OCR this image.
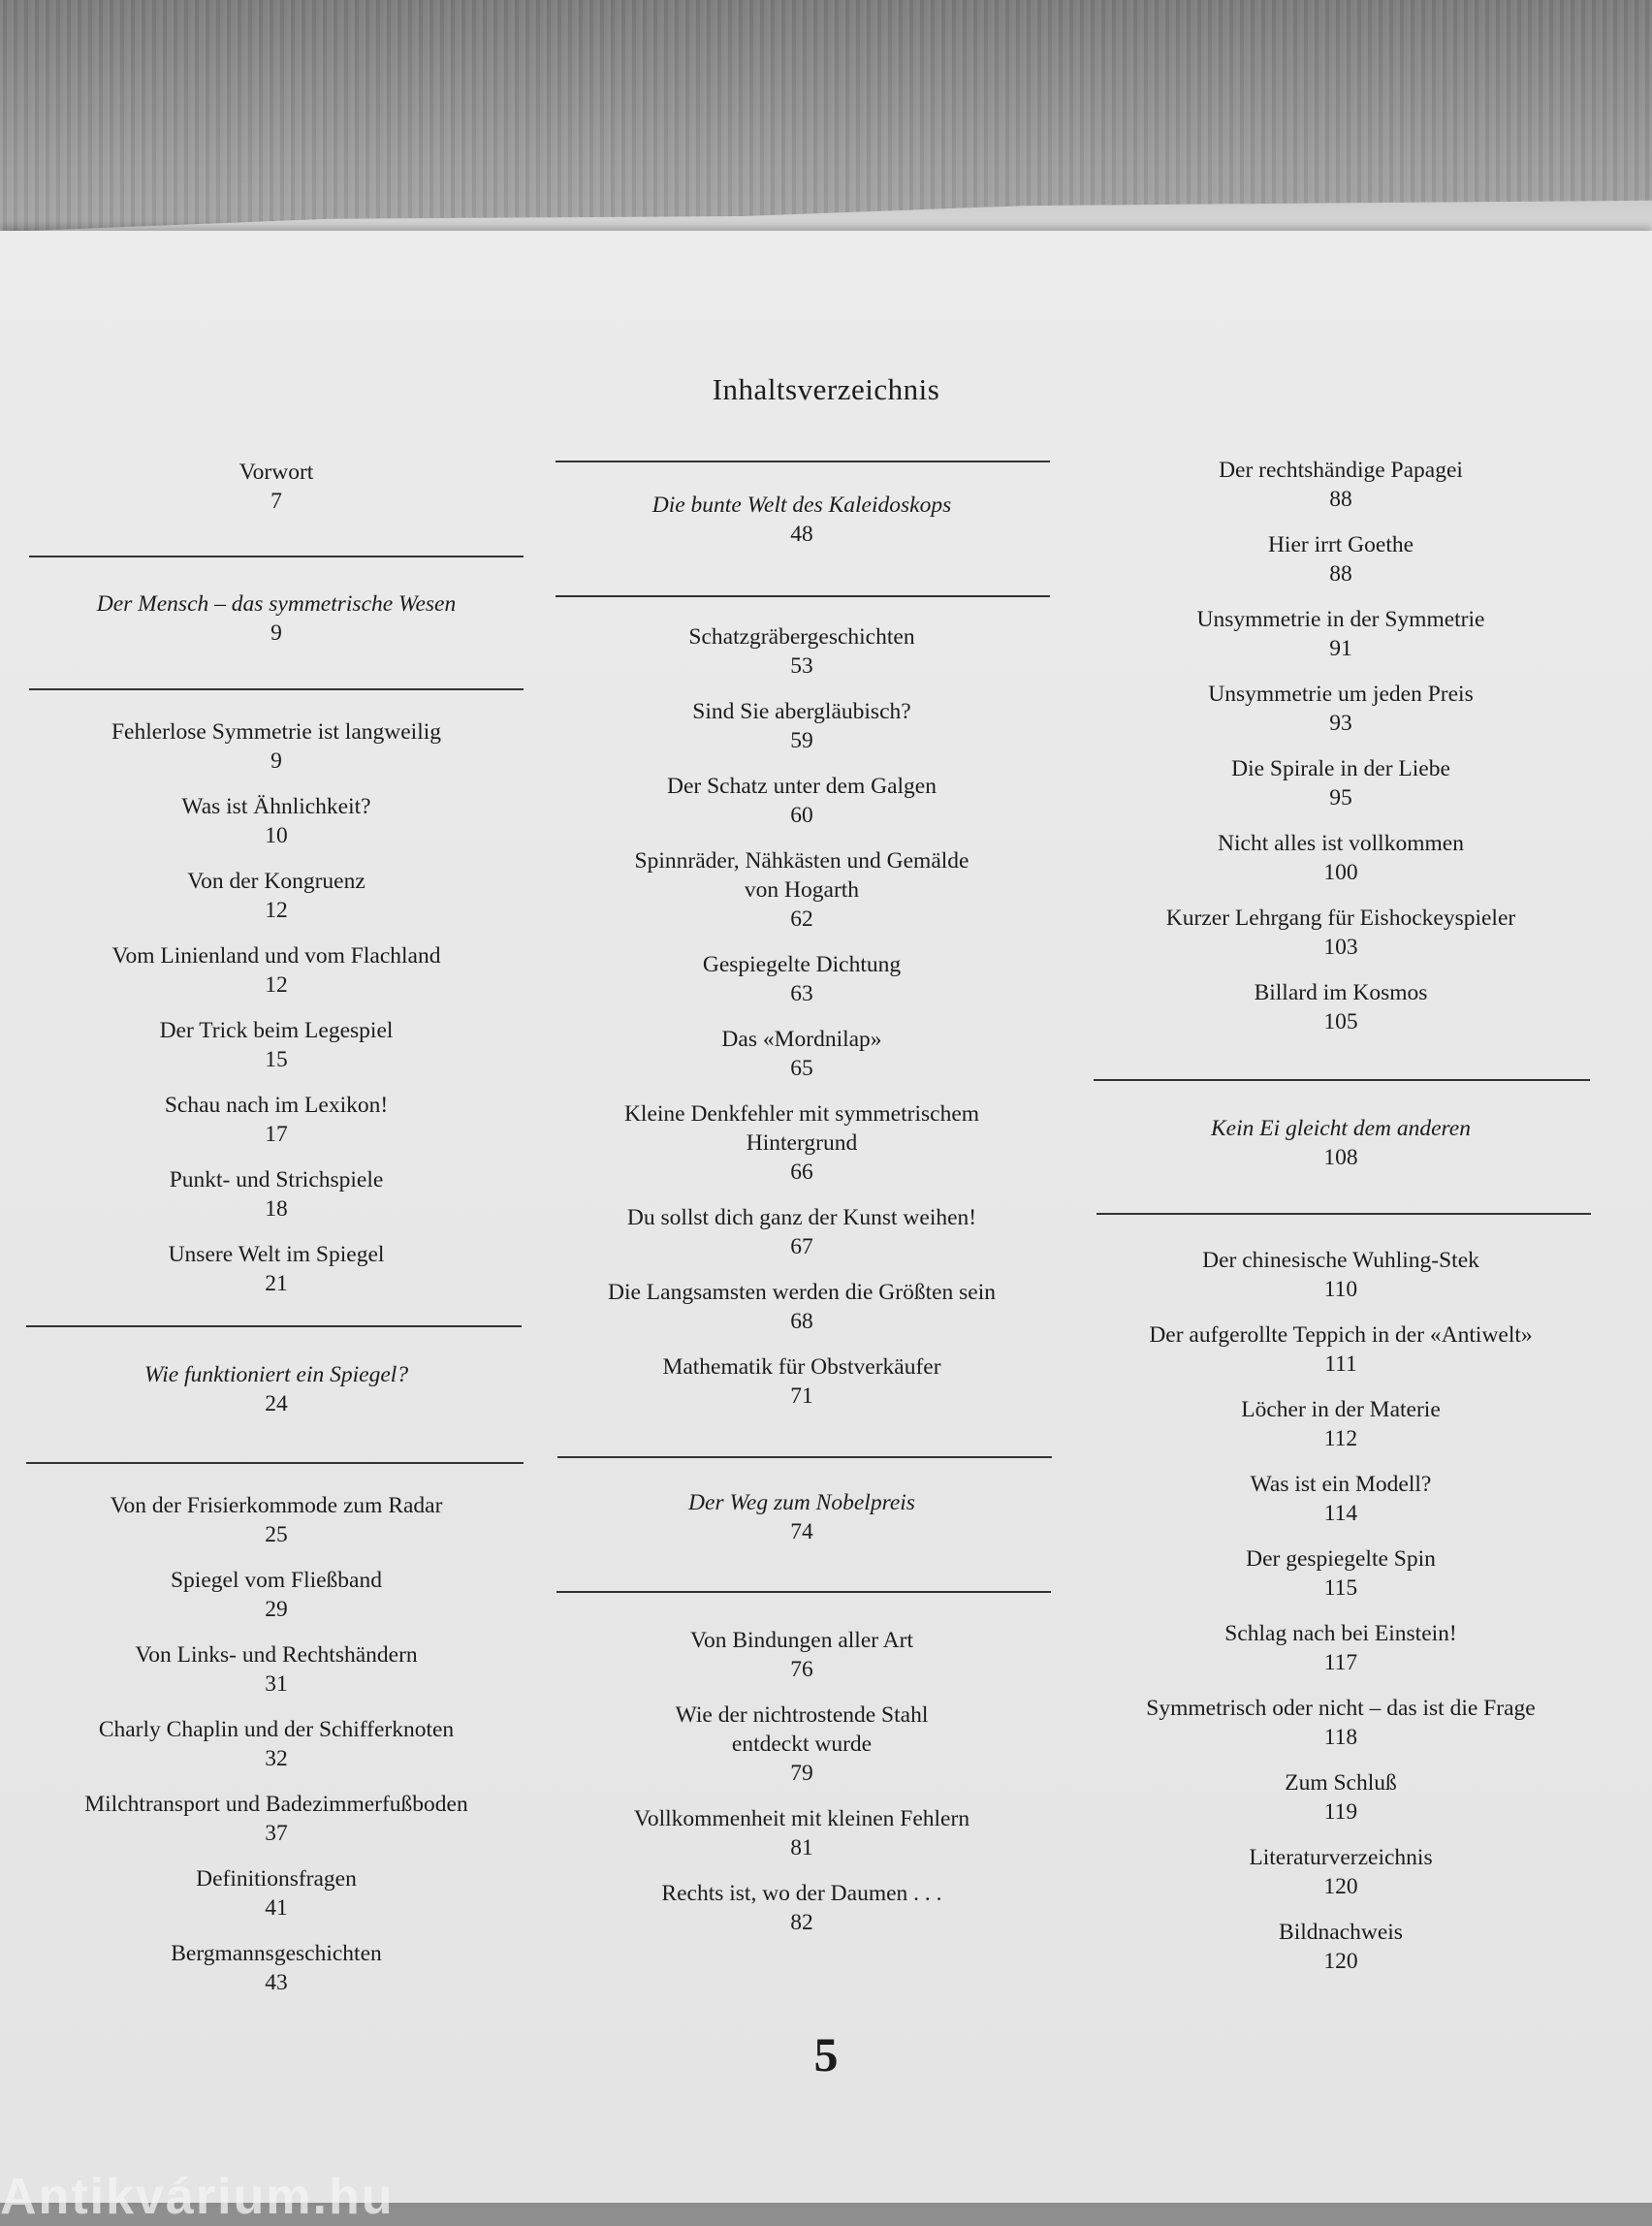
Inhaltsverzeichnis
Vorwort
7
Der Mensch – das symmetrische Wesen
9
Fehlerlose Symmetrie ist langweilig
9
Was ist Ähnlichkeit?
10
Von der Kongruenz
12
Vom Linienland und vom Flachland
12
Der Trick beim Legespiel
15
Schau nach im Lexikon!
17
Punkt- und Strichspiele
18
Unsere Welt im Spiegel
21
Wie funktioniert ein Spiegel?
24
Von der Frisierkommode zum Radar
25
Spiegel vom Fließband
29
Von Links- und Rechtshändern
31
Charly Chaplin und der Schifferknoten
32
Milchtransport und Badezimmerfußboden
37
Definitionsfragen
41
Bergmannsgeschichten
43
Die bunte Welt des Kaleidoskops
48
Schatzgräbergeschichten
53
Sind Sie abergläubisch?
59
Der Schatz unter dem Galgen
60
Spinnräder, Nähkästen und Gemälde
von Hogarth
62
Gespiegelte Dichtung
63
Das «Mordnilap»
65
Kleine Denkfehler mit symmetrischem
Hintergrund
66
Du sollst dich ganz der Kunst weihen!
67
Die Langsamsten werden die Größten sein
68
Mathematik für Obstverkäufer
71
Der Weg zum Nobelpreis
74
Von Bindungen aller Art
76
Wie der nichtrostende Stahl
entdeckt wurde
79
Vollkommenheit mit kleinen Fehlern
81
Rechts ist, wo der Daumen . . .
82
Der rechtshändige Papagei
88
Hier irrt Goethe
88
Unsymmetrie in der Symmetrie
91
Unsymmetrie um jeden Preis
93
Die Spirale in der Liebe
95
Nicht alles ist vollkommen
100
Kurzer Lehrgang für Eishockeyspieler
103
Billard im Kosmos
105
Kein Ei gleicht dem anderen
108
Der chinesische Wuhling-Stek
110
Der aufgerollte Teppich in der «Antiwelt»
111
Löcher in der Materie
112
Was ist ein Modell?
114
Der gespiegelte Spin
115
Schlag nach bei Einstein!
117
Symmetrisch oder nicht – das ist die Frage
118
Zum Schluß
119
Literaturverzeichnis
120
Bildnachweis
120
5
Antikvárium.hu
